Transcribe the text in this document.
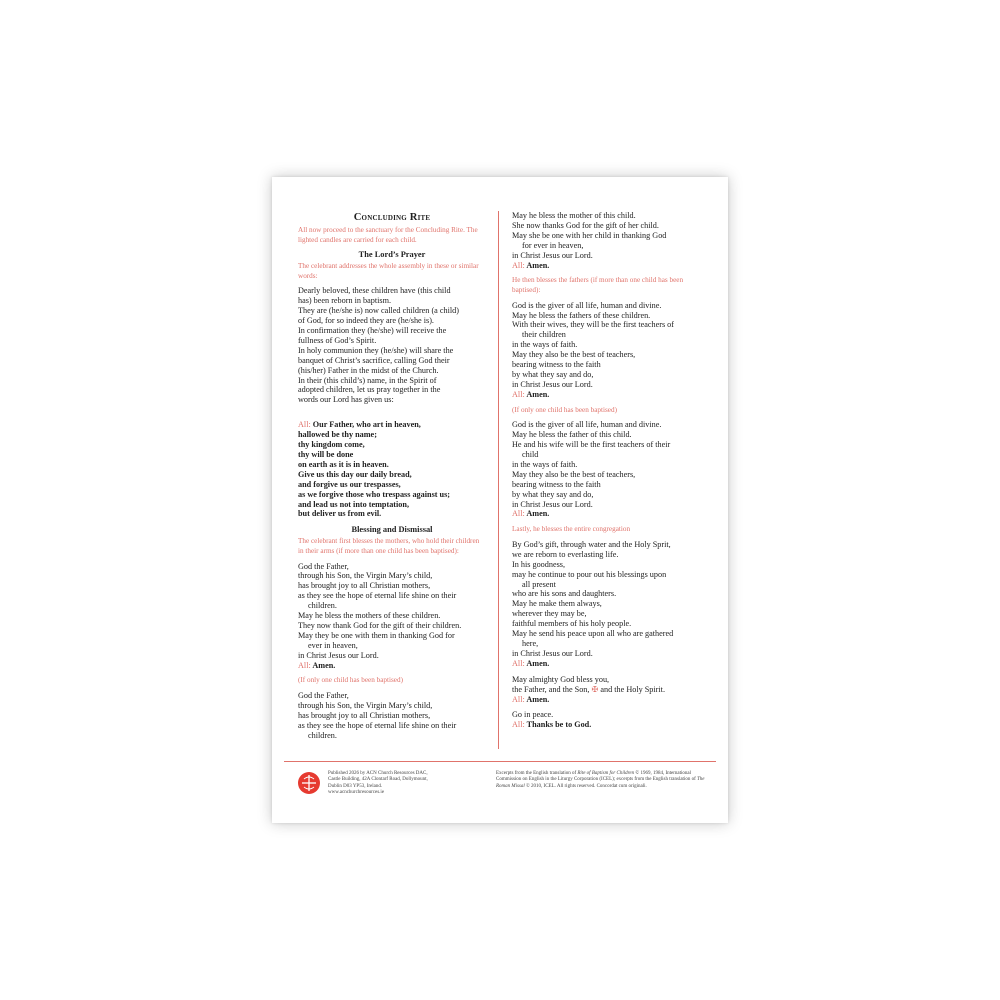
Concluding Rite
All now proceed to the sanctuary for the Concluding Rite. The lighted candles are carried for each child.
The Lord’s Prayer
The celebrant addresses the whole assembly in these or similar words:
Dearly beloved, these children have (this child
has) been reborn in baptism.
They are (he/she is) now called children (a child)
of God, for so indeed they are (he/she is).
In confirmation they (he/she) will receive the
fullness of God’s Spirit.
In holy communion they (he/she) will share the
banquet of Christ’s sacrifice, calling God their
(his/her) Father in the midst of the Church.
In their (this child’s) name, in the Spirit of
adopted children, let us pray together in the
words our Lord has given us:
All: Our Father, who art in heaven,
hallowed be thy name;
thy kingdom come,
thy will be done
on earth as it is in heaven.
Give us this day our daily bread,
and forgive us our trespasses,
as we forgive those who trespass against us;
and lead us not into temptation,
but deliver us from evil.
Blessing and Dismissal
The celebrant first blesses the mothers, who hold their children in their arms (if more than one child has been baptised):
God the Father,
through his Son, the Virgin Mary’s child,
has brought joy to all Christian mothers,
as they see the hope of eternal life shine on their
children.
May he bless the mothers of these children.
They now thank God for the gift of their children.
May they be one with them in thanking God for
ever in heaven,
in Christ Jesus our Lord.
All: Amen.
(If only one child has been baptised)
God the Father,
through his Son, the Virgin Mary’s child,
has brought joy to all Christian mothers,
as they see the hope of eternal life shine on their
children.
May he bless the mother of this child.
She now thanks God for the gift of her child.
May she be one with her child in thanking God
for ever in heaven,
in Christ Jesus our Lord.
All: Amen.
He then blesses the fathers (if more than one child has been baptised):
God is the giver of all life, human and divine.
May he bless the fathers of these children.
With their wives, they will be the first teachers of
their children
in the ways of faith.
May they also be the best of teachers,
bearing witness to the faith
by what they say and do,
in Christ Jesus our Lord.
All: Amen.
(If only one child has been baptised)
God is the giver of all life, human and divine.
May he bless the father of this child.
He and his wife will be the first teachers of their
child
in the ways of faith.
May they also be the best of teachers,
bearing witness to the faith
by what they say and do,
in Christ Jesus our Lord.
All: Amen.
Lastly, he blesses the entire congregation
By God’s gift, through water and the Holy Sprit,
we are reborn to everlasting life.
In his goodness,
may he continue to pour out his blessings upon
all present
who are his sons and daughters.
May he make them always,
wherever they may be,
faithful members of his holy people.
May he send his peace upon all who are gathered
here,
in Christ Jesus our Lord.
All: Amen.
May almighty God bless you,
the Father, and the Son, ✠ and the Holy Spirit.
All: Amen.
Go in peace.
All: Thanks be to God.
Published 2026 by ACN Church Resources DAC,
Castle Building, 42A Clontarf Road, Dollymount,
Dublin D03 YP53, Ireland.
www.acnchurchresources.ie
Excerpts from the English translation of Rite of Baptism for Children © 1969, 1984, International Commission on English in the Liturgy Corporation (ICEL); excerpts from the English translation of The Roman Missal © 2010, ICEL. All rights reserved. Concordat cum originali.
